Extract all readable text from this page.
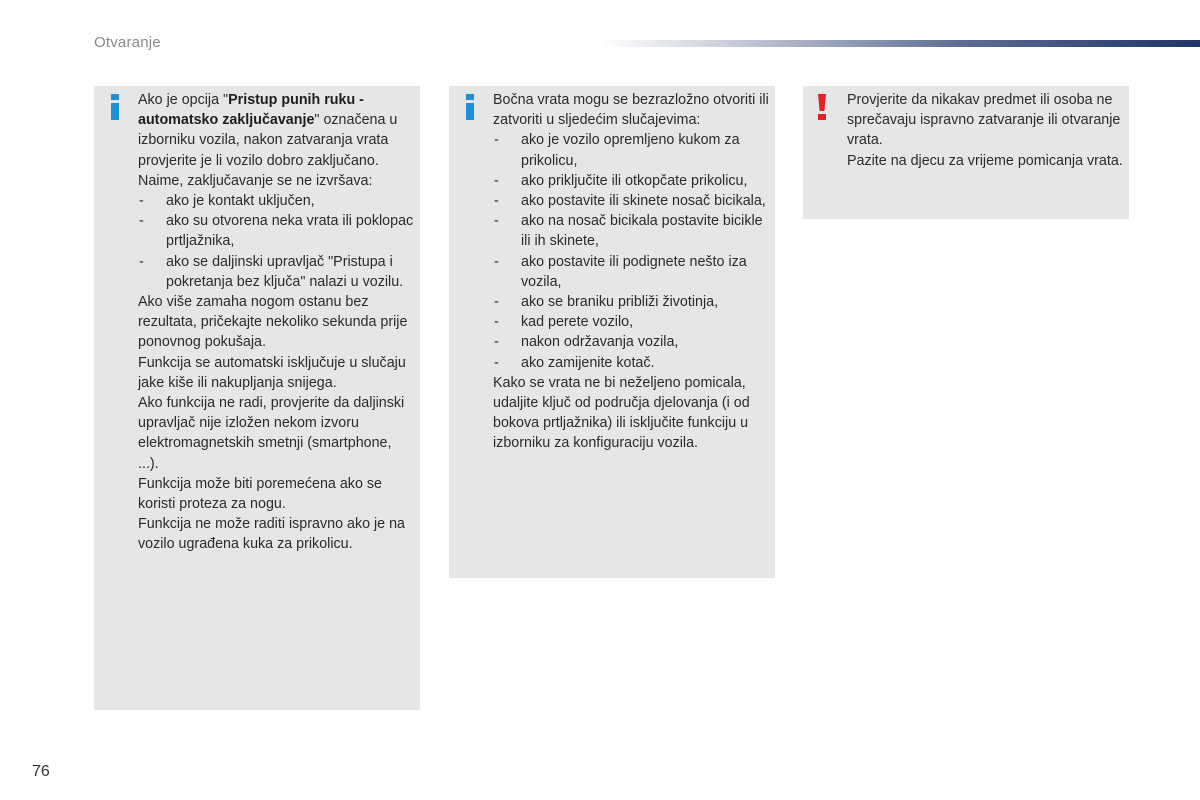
Otvaranje

Ako je opcija "Pristup punih ruku - automatsko zaključavanje" označena u izborniku vozila, nakon zatvaranja vrata provjerite je li vozilo dobro zaključano.

Naime, zaključavanje se ne izvršava:

- ako je kontakt uključen,

- ako su otvorena neka vrata ili poklopac prtljažnika,

- ako se daljinski upravljač "Pristupa i pokretanja bez ključa" nalazi u vozilu.

Ako više zamaha nogom ostanu bez rezultata, pričekajte nekoliko sekunda prije ponovnog pokušaja.

Funkcija se automatski isključuje u slučaju jake kiše ili nakupljanja snijega.

Ako funkcija ne radi, provjerite da daljinski upravljač nije izložen nekom izvoru elektromagnetskih smetnji (smartphone, ...).

Funkcija može biti poremećena ako se koristi proteza za nogu.

Funkcija ne može raditi ispravno ako je na vozilo ugrađena kuka za prikolicu.

Bočna vrata mogu se bezrazložno otvoriti ili zatvoriti u sljedećim slučajevima:

- ako je vozilo opremljeno kukom za prikolicu,

- ako priključite ili otkopčate prikolicu,

- ako postavite ili skinete nosač bicikala,

- ako na nosač bicikala postavite bicikle ili ih skinete,

- ako postavite ili podignete nešto iza vozila,

- ako se braniku približi životinja,

- kad perete vozilo,

- nakon održavanja vozila,

- ako zamijenite kotač.

Kako se vrata ne bi neželjeno pomicala, udaljite ključ od područja djelovanja (i od bokova prtljažnika) ili isključite funkciju u izborniku za konfiguraciju vozila.

Provjerite da nikakav predmet ili osoba ne sprečavaju ispravno zatvaranje ili otvaranje vrata.

Pazite na djecu za vrijeme pomicanja vrata.

76
